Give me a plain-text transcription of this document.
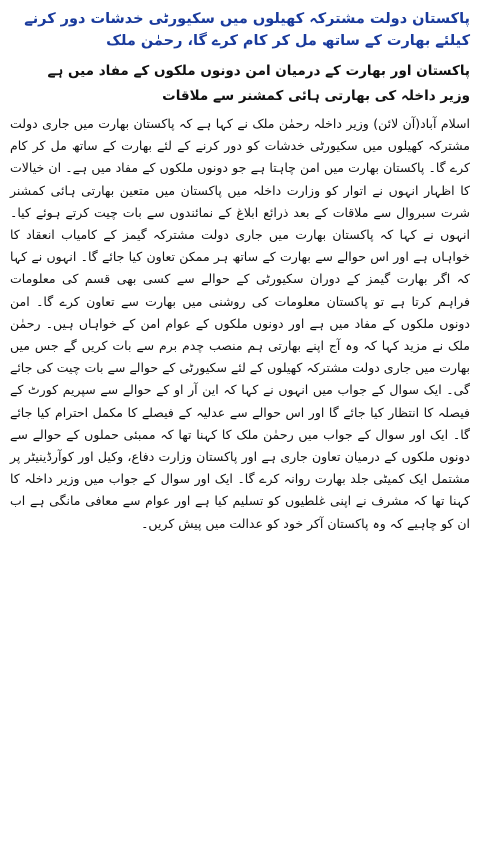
پاکستان دولت مشترکہ کھیلوں میں سکیورٹی خدشات دور کرنے کیلئے بھارت کے ساتھ مل کر کام کرے گا، رحمٰن ملک

پاکستان اور بھارت کے درمیان امن دونوں ملکوں کے مفاد میں ہے

وزیر داخلہ کی بھارتی ہائی کمشنر سے ملاقات

اسلام آباد(آن لائن) وزیر داخلہ رحمٰن ملک نے کہا ہے کہ پاکستان بھارت میں جاری دولت مشترکہ کھیلوں میں سکیورٹی خدشات کو دور کرنے کے لئے بھارت کے ساتھ مل کر کام کرے گا۔ پاکستان بھارت میں امن چاہتا ہے جو دونوں ملکوں کے مفاد میں ہے۔ ان خیالات کا اظہار انہوں نے اتوار کو وزارت داخلہ میں پاکستان میں متعین بھارتی ہائی کمشنر شرت سبروال سے ملاقات کے بعد ذرائع ابلاغ کے نمائندوں سے بات چیت کرتے ہوئے کیا۔ انہوں نے کہا کہ پاکستان بھارت میں جاری دولت مشترکہ گیمز کے کامیاب انعقاد کا خواہاں ہے اور اس حوالے سے بھارت کے ساتھ ہر ممکن تعاون کیا جائے گا۔ انہوں نے کہا کہ اگر بھارت گیمز کے دوران سکیورٹی کے حوالے سے کسی بھی قسم کی معلومات فراہم کرتا ہے تو پاکستان معلومات کی روشنی میں بھارت سے تعاون کرے گا۔ امن دونوں ملکوں کے مفاد میں ہے اور دونوں ملکوں کے عوام امن کے خواہاں ہیں۔ رحمٰن ملک نے مزید کہا کہ وہ آج اپنے بھارتی ہم منصب چدم برم سے بات کریں گے جس میں بھارت میں جاری دولت مشترکہ کھیلوں کے لئے سکیورٹی کے حوالے سے بات چیت کی جائے گی۔ ایک سوال کے جواب میں انہوں نے کہا کہ این آر او کے حوالے سے سپریم کورٹ کے فیصلہ کا انتظار کیا جائے گا اور اس حوالے سے عدلیہ کے فیصلے کا مکمل احترام کیا جائے گا۔ ایک اور سوال کے جواب میں رحمٰن ملک کا کہنا تھا کہ ممبئی حملوں کے حوالے سے دونوں ملکوں کے درمیان تعاون جاری ہے اور پاکستان وزارت دفاع، وکیل اور کوآرڈینیٹر پر مشتمل ایک کمیٹی جلد بھارت روانہ کرے گا۔ ایک اور سوال کے جواب میں وزیر داخلہ کا کہنا تھا کہ مشرف نے اپنی غلطیوں کو تسلیم کیا ہے اور عوام سے معافی مانگی ہے اب ان کو چاہیے کہ وہ پاکستان آکر خود کو عدالت میں پیش کریں۔
